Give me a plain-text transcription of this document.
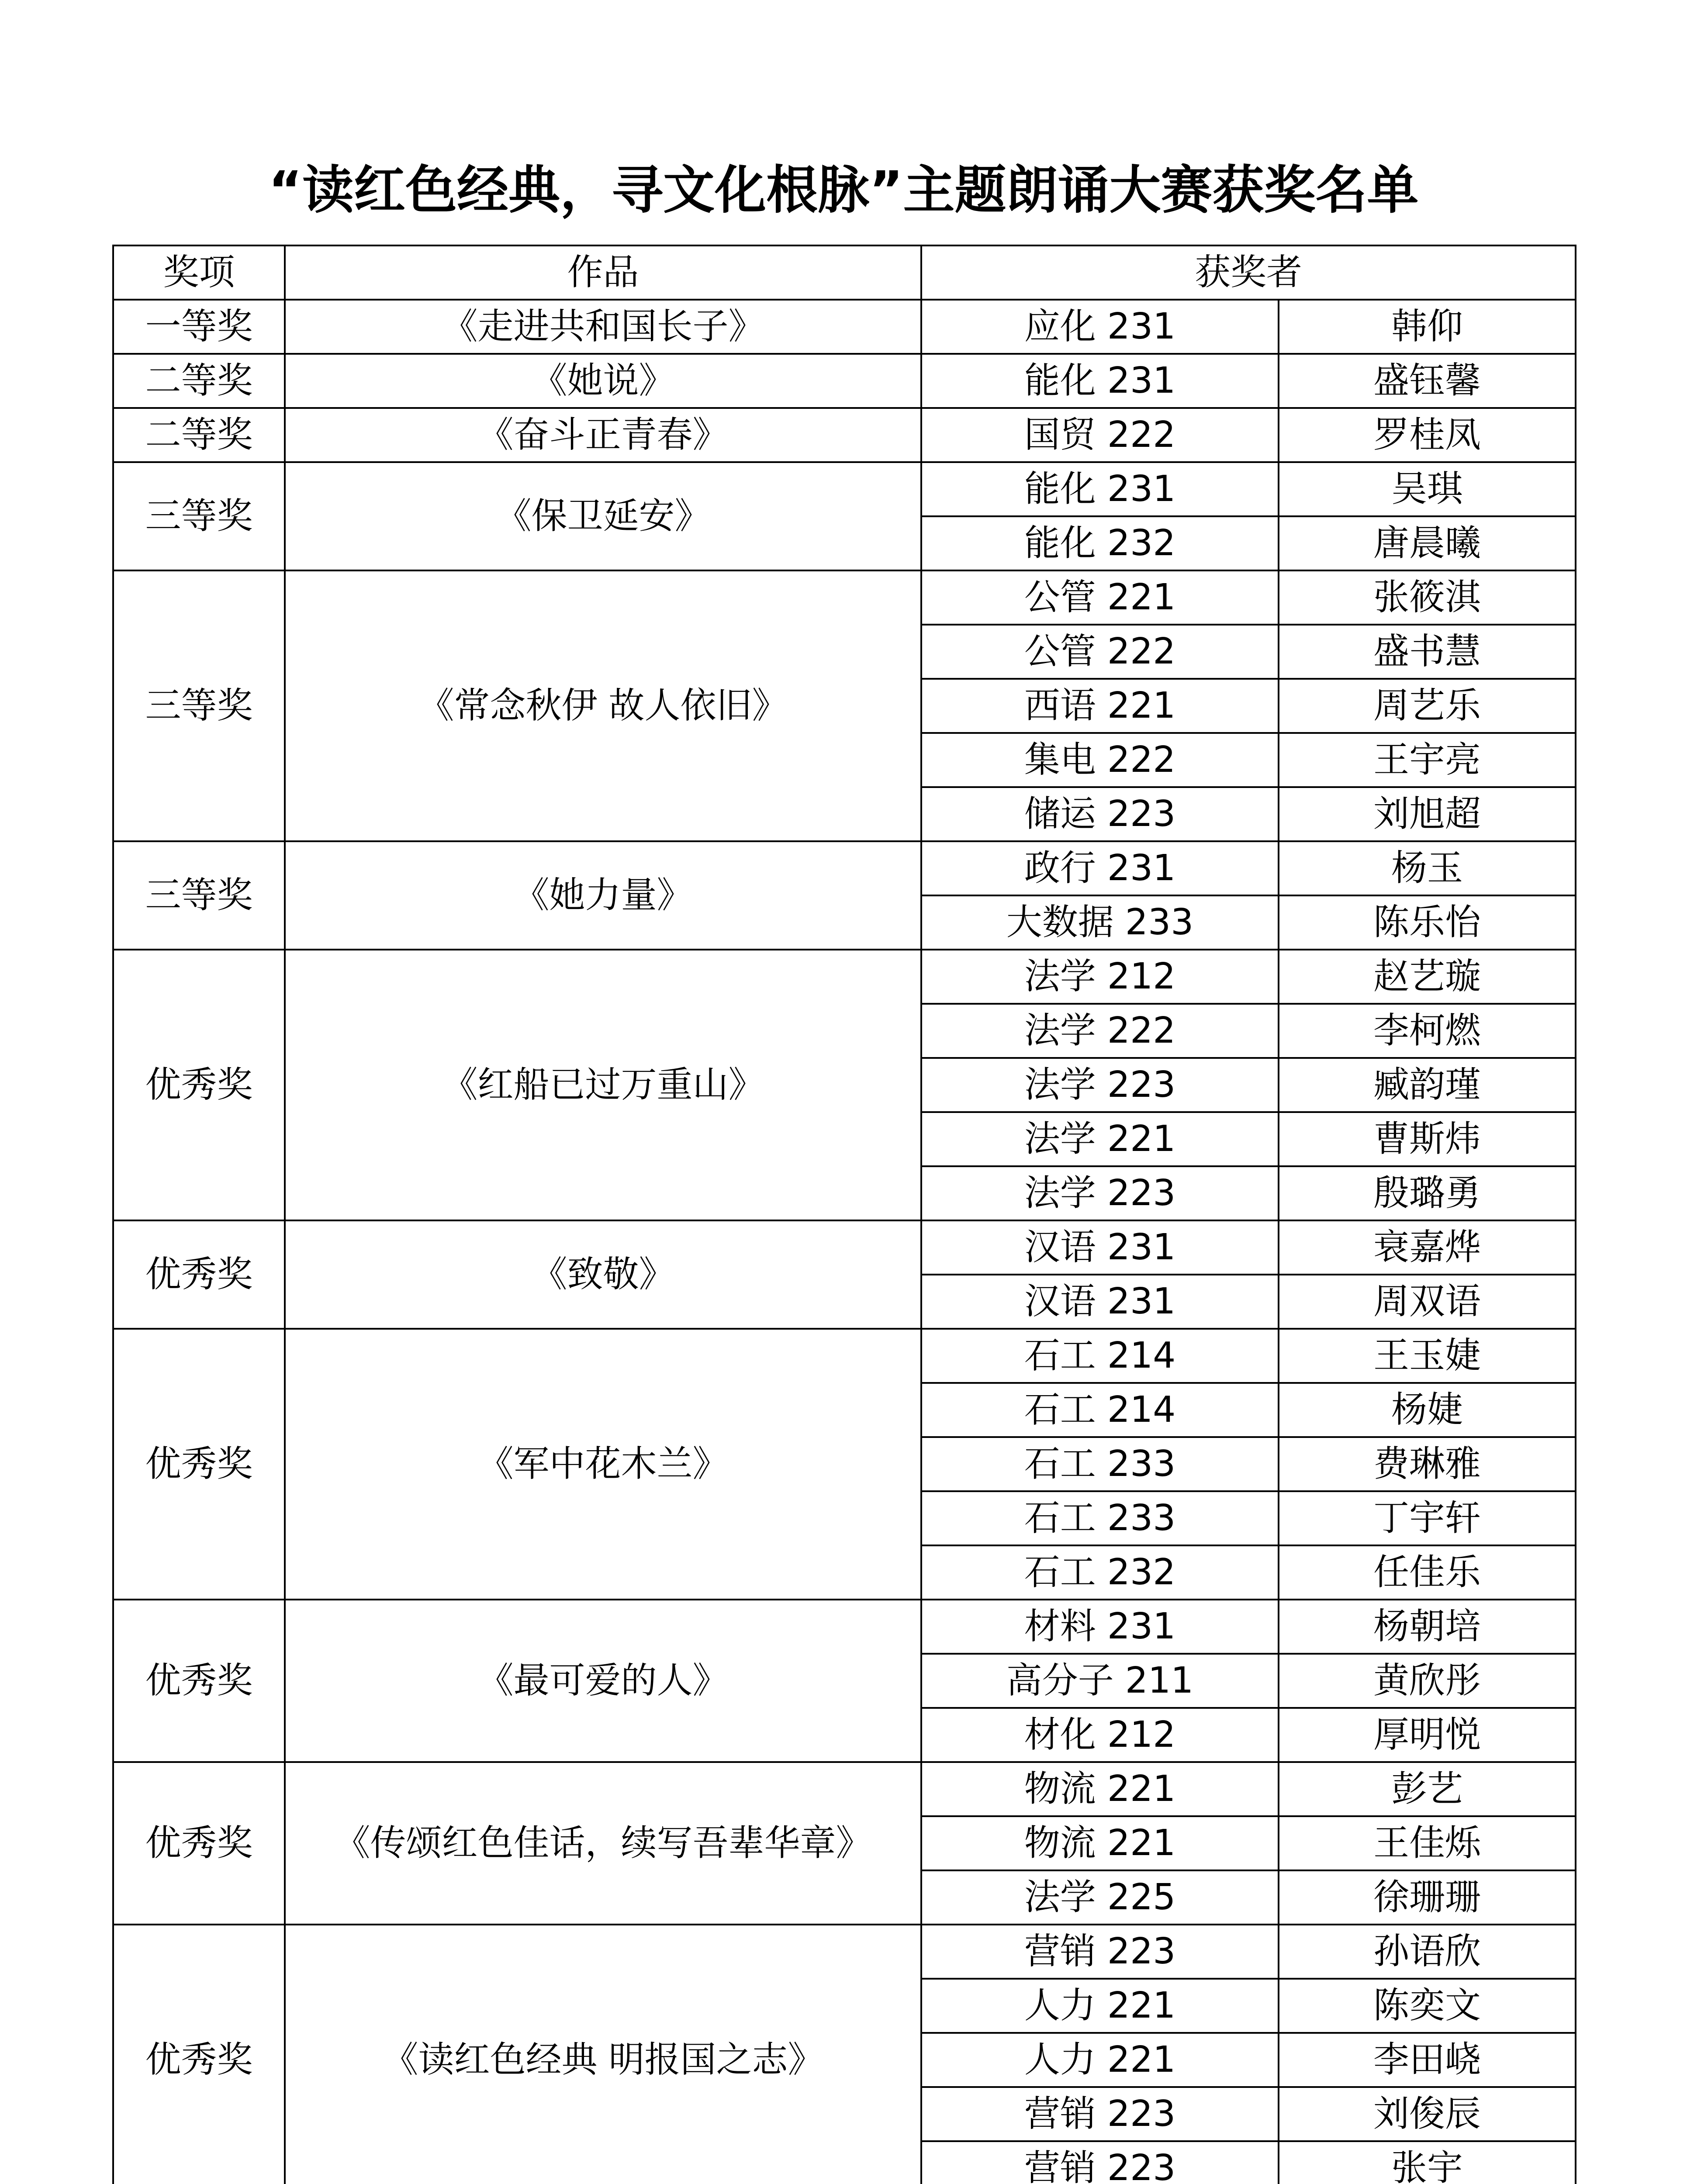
“读红色经典，寻文化根脉”主题朗诵大赛获奖名单
奖项	作品	获奖者	
一等奖	《走进共和国长子》	应化 231	韩仰
二等奖	《她说》	能化 231	盛钰馨
二等奖	《奋斗正青春》	国贸 222	罗桂凤
三等奖	《保卫延安》	能化 231	吴琪
		能化 232	唐晨曦
三等奖	《常念秋伊 故人依旧》	公管 221	张筱淇
		公管 222	盛书慧
		西语 221	周艺乐
		集电 222	王宇亮
		储运 223	刘旭超
三等奖	《她力量》	政行 231	杨玉
		大数据 233	陈乐怡
优秀奖	《红船已过万重山》	法学 212	赵艺璇
		法学 222	李柯燃
		法学 223	臧韵瑾
		法学 221	曹斯炜
		法学 223	殷璐勇
优秀奖	《致敬》	汉语 231	衰嘉烨
		汉语 231	周双语
优秀奖	《军中花木兰》	石工 214	王玉婕
		石工 214	杨婕
		石工 233	费琳雅
		石工 233	丁宇轩
		石工 232	任佳乐
优秀奖	《最可爱的人》	材料 231	杨朝培
		高分子 211	黄欣彤
		材化 212	厚明悦
优秀奖	《传颂红色佳话，续写吾辈华章》	物流 221	彭艺
		物流 221	王佳烁
		法学 225	徐珊珊
优秀奖	《读红色经典 明报国之志》	营销 223	孙语欣
		人力 221	陈奕文
		人力 221	李田峣
		营销 223	刘俊辰
		营销 223	张宇
